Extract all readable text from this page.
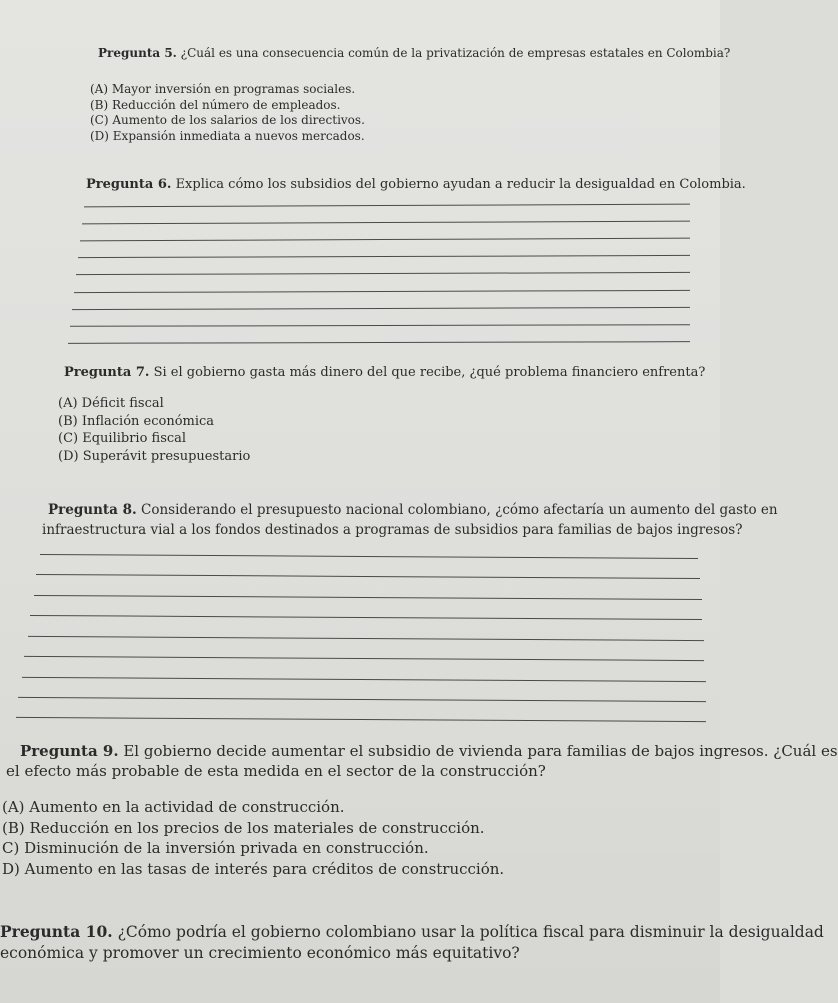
Pregunta 5. ¿Cuál es una consecuencia común de la privatización de empresas estatales en Colombia?
(A) Mayor inversión en programas sociales.
(B) Reducción del número de empleados.
(C) Aumento de los salarios de los directivos.
(D) Expansión inmediata a nuevos mercados.
Pregunta 6. Explica cómo los subsidios del gobierno ayudan a reducir la desigualdad en Colombia.
Pregunta 7. Si el gobierno gasta más dinero del que recibe, ¿qué problema financiero enfrenta?
(A) Déficit fiscal
(B) Inflación económica
(C) Equilibrio fiscal
(D) Superávit presupuestario
Pregunta 8. Considerando el presupuesto nacional colombiano, ¿cómo afectaría un aumento del gasto en
infraestructura vial a los fondos destinados a programas de subsidios para familias de bajos ingresos?
Pregunta 9. El gobierno decide aumentar el subsidio de vivienda para familias de bajos ingresos. ¿Cuál es
el efecto más probable de esta medida en el sector de la construcción?
(A) Aumento en la actividad de construcción.
(B) Reducción en los precios de los materiales de construcción.
C) Disminución de la inversión privada en construcción.
D) Aumento en las tasas de interés para créditos de construcción.
Pregunta 10. ¿Cómo podría el gobierno colombiano usar la política fiscal para disminuir la desigualdad
económica y promover un crecimiento económico más equitativo?
